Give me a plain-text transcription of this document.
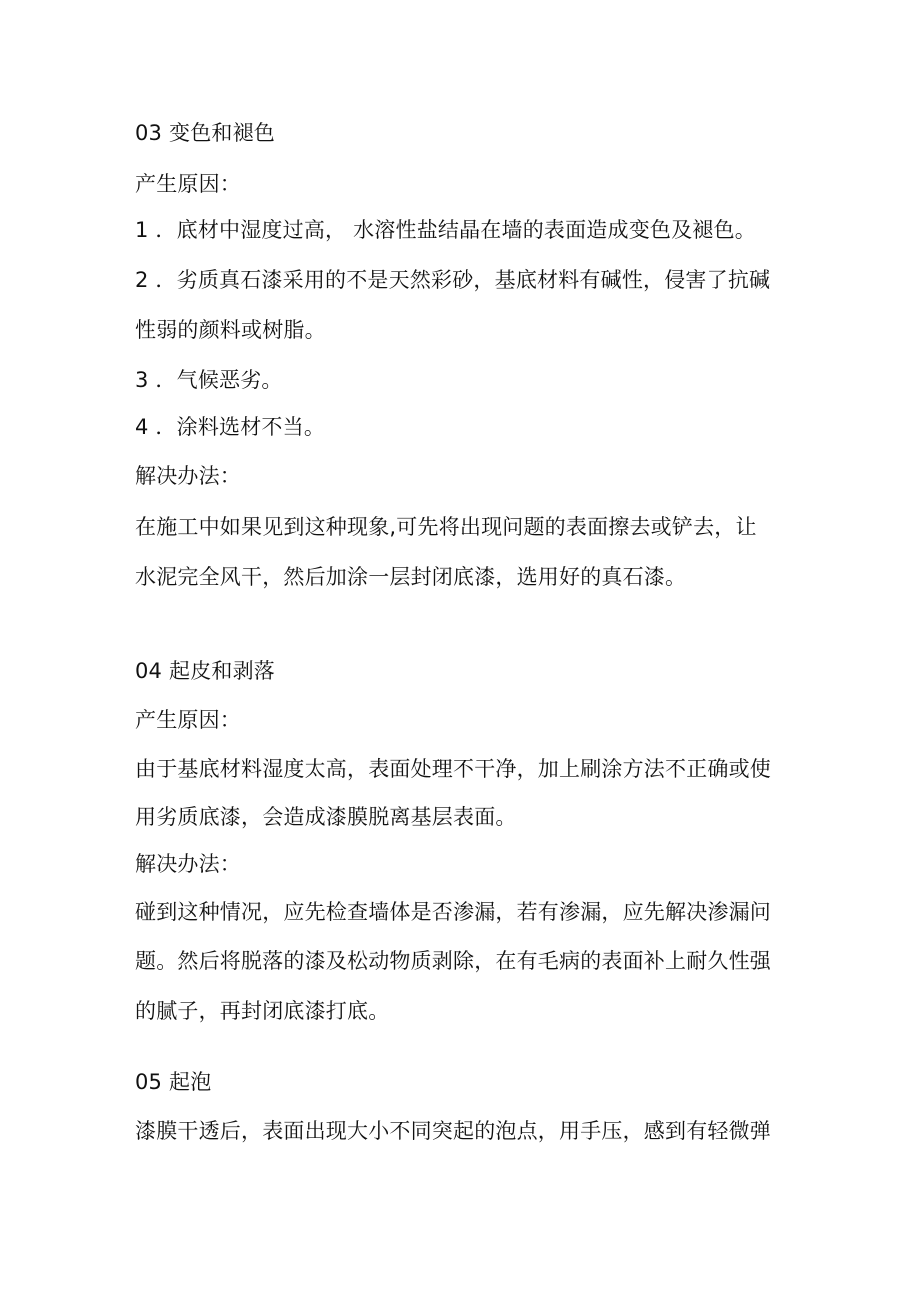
03 变色和褪色
产生原因：
1 ．底材中湿度过高， 水溶性盐结晶在墙的表面造成变色及褪色。
2 ．劣质真石漆采用的不是天然彩砂，基底材料有碱性，侵害了抗碱
性弱的颜料或树脂。
3 ．气候恶劣。
4 ．涂料选材不当。
解决办法：
在施工中如果见到这种现象,可先将出现问题的表面擦去或铲去，让
水泥完全风干，然后加涂一层封闭底漆，选用好的真石漆。
04 起皮和剥落
产生原因：
由于基底材料湿度太高，表面处理不干净，加上刷涂方法不正确或使
用劣质底漆，会造成漆膜脱离基层表面。
解决办法：
碰到这种情况，应先检查墙体是否渗漏，若有渗漏，应先解决渗漏问
题。然后将脱落的漆及松动物质剥除，在有毛病的表面补上耐久性强
的腻子，再封闭底漆打底。
05 起泡
漆膜干透后，表面出现大小不同突起的泡点，用手压，感到有轻微弹
